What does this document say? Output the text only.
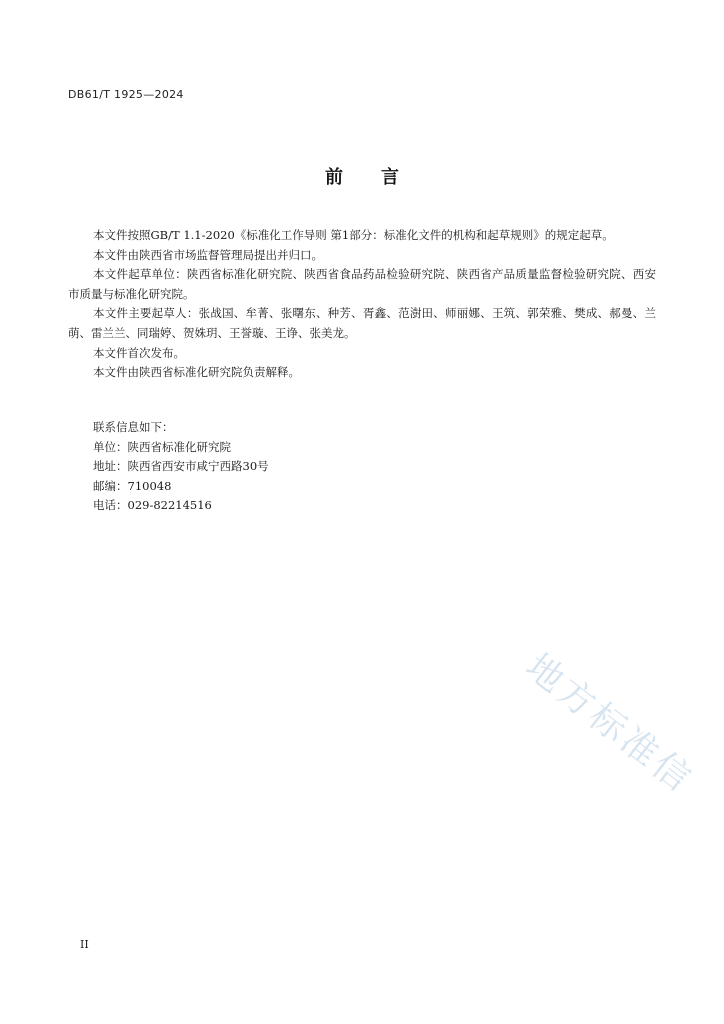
DB61/T 1925—2024
前言

本文件按照GB/T 1.1-2020《标准化工作导则 第1部分：标准化文件的机构和起草规则》的规定起草。

本文件由陕西省市场监督管理局提出并归口。

本文件起草单位：陕西省标准化研究院、陕西省食品药品检验研究院、陕西省产品质量监督检验研究院、西安市质量与标准化研究院。

本文件主要起草人：张战国、牟菁、张曙东、种芳、胥鑫、范澍田、师丽娜、王筑、郭荣雅、樊成、郝曼、兰萌、雷兰兰、同瑞婷、贺姝玥、王誉璇、王诤、张美龙。

本文件首次发布。

本文件由陕西省标准化研究院负责解释。

联系信息如下：
单位：陕西省标准化研究院
地址：陕西省西安市咸宁西路30号
邮编：710048
电话：029-82214516
地方标准信
II
